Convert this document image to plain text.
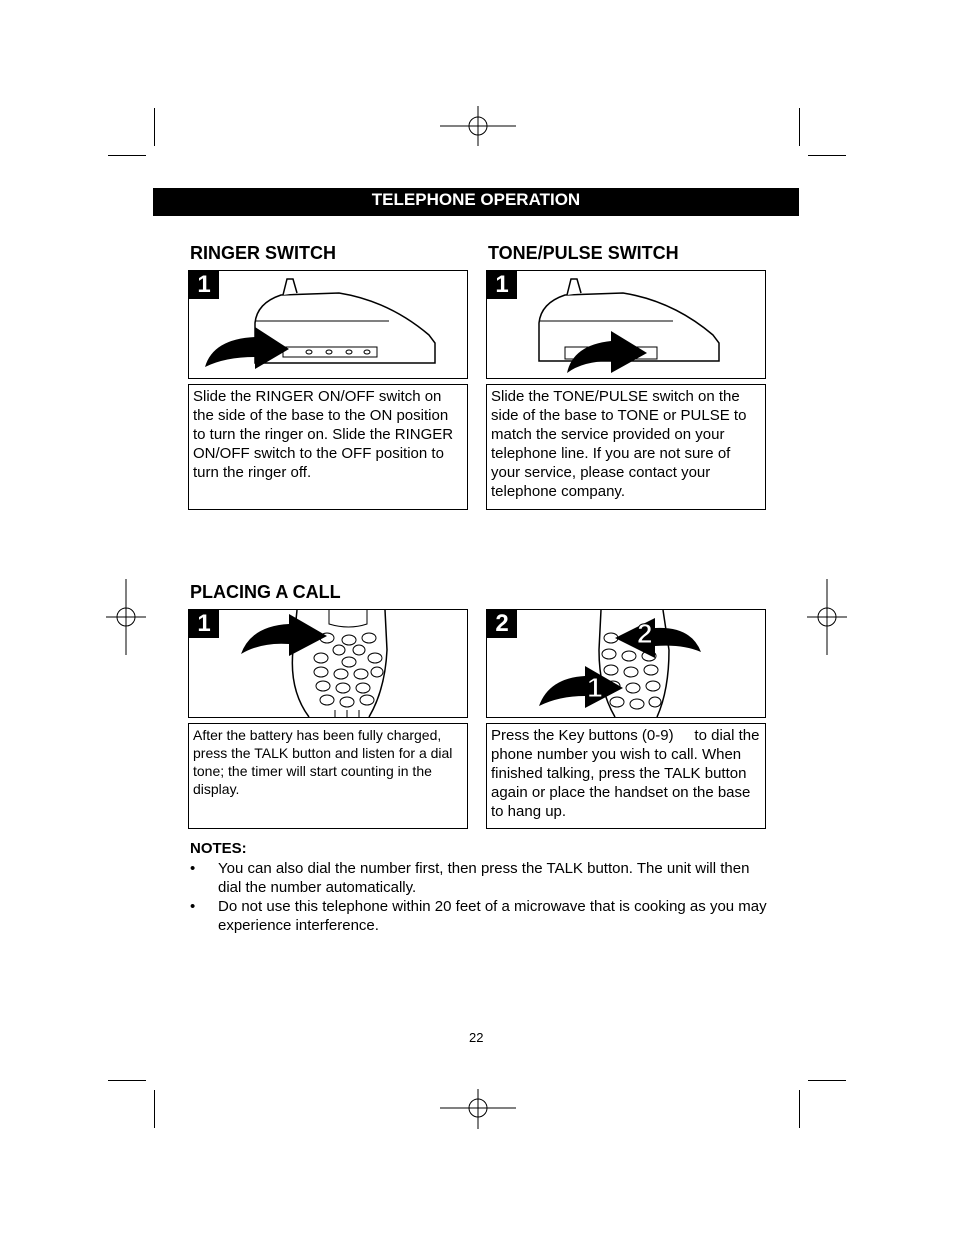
TELEPHONE OPERATION
RINGER SWITCH
1
Slide the RINGER ON/OFF switch on the side of the base to the ON position to turn the ringer on. Slide the RINGER ON/OFF switch to the OFF position to turn the ringer off.
TONE/PULSE SWITCH
1
Slide the TONE/PULSE switch on the side of the base to TONE or PULSE to match the service provided on your telephone line. If you are not sure of your service, please contact your telephone company.
PLACING A CALL
1
After the battery has been fully charged, press the TALK button and listen for a dial tone; the timer will start counting in the display.
2
1
2
Press the Key buttons (0-9)     to dial the phone number you wish to call. When finished talking, press the TALK button     again or place the handset on the base to hang up.
NOTES:
•	You can also dial the number first, then press the TALK button. The unit will then dial the number automatically.
•	Do not use this telephone within 20 feet of a microwave that is cooking as you may experience interference.
22
